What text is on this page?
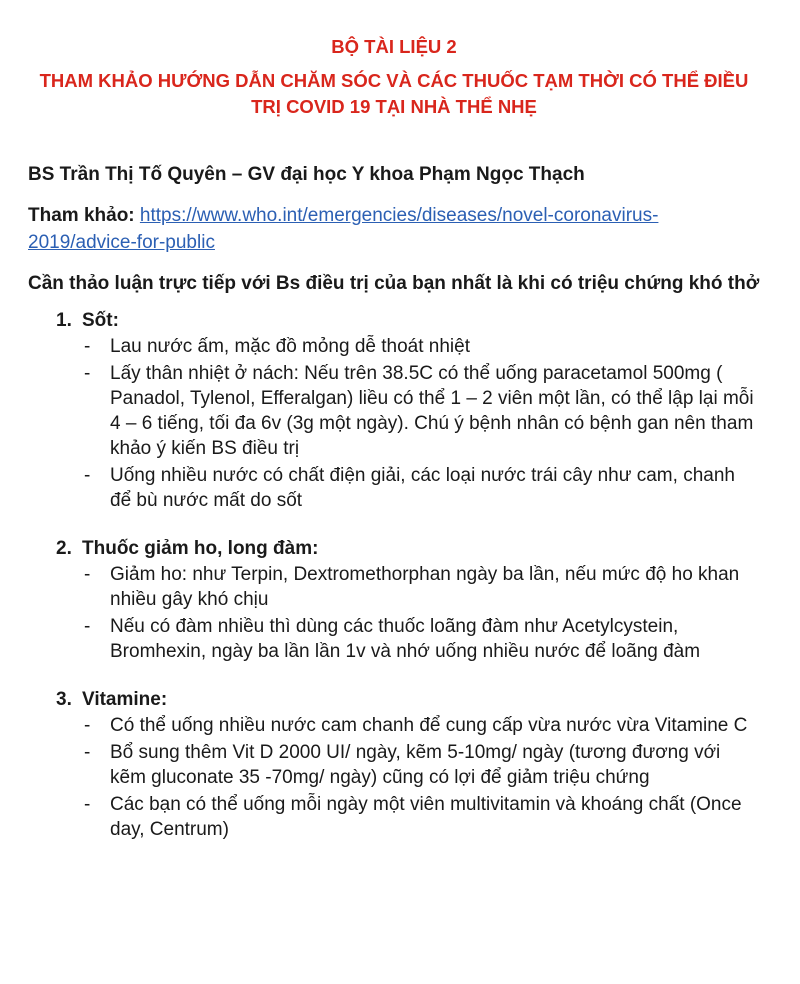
BỘ TÀI LIỆU 2
THAM KHẢO HƯỚNG DẪN CHĂM SÓC VÀ CÁC THUỐC TẠM THỜI CÓ THỂ ĐIỀU TRỊ COVID 19 TẠI NHÀ THỂ NHẸ
BS Trần Thị Tố Quyên – GV đại học Y khoa Phạm Ngọc Thạch
Tham khảo: https://www.who.int/emergencies/diseases/novel-coronavirus-2019/advice-for-public
Cần thảo luận trực tiếp với Bs điều trị của bạn nhất là khi có triệu chứng khó thở
1. Sốt:
- Lau nước ấm, mặc đồ mỏng dễ thoát nhiệt
- Lấy thân nhiệt ở nách: Nếu trên 38.5C có thể uống paracetamol 500mg ( Panadol, Tylenol, Efferalgan) liều có thể 1 – 2 viên một lần, có thể lập lại mỗi 4 – 6 tiếng, tối đa 6v (3g một ngày). Chú ý bệnh nhân có bệnh gan nên tham khảo ý kiến BS điều trị
- Uống nhiều nước có chất điện giải, các loại nước trái cây như cam, chanh để bù nước mất do sốt
2. Thuốc giảm ho, long đàm:
- Giảm ho: như Terpin, Dextromethorphan ngày ba lần, nếu mức độ ho khan nhiều gây khó chịu
- Nếu có đàm nhiều thì dùng các thuốc loãng đàm như Acetylcystein, Bromhexin, ngày ba lần lần 1v và nhớ uống nhiều nước để loãng đàm
3. Vitamine:
- Có thể uống nhiều nước cam chanh để cung cấp vừa nước vừa Vitamine C
- Bổ sung thêm Vit D 2000 UI/ ngày, kẽm 5-10mg/ ngày (tương đương với kẽm gluconate 35 -70mg/ ngày) cũng có lợi để giảm triệu chứng
- Các bạn có thể uống mỗi ngày một viên multivitamin và khoáng chất (Once day, Centrum)
